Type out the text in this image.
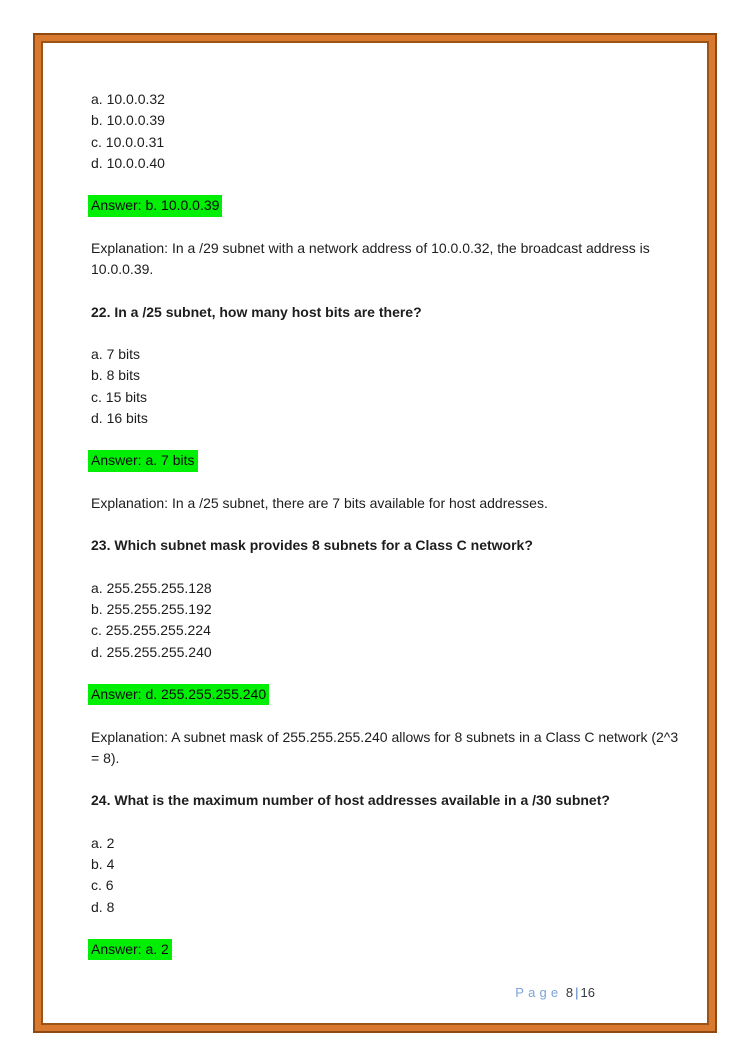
a. 10.0.0.32
b. 10.0.0.39
c. 10.0.0.31
d. 10.0.0.40
Answer: b. 10.0.0.39
Explanation: In a /29 subnet with a network address of 10.0.0.32, the broadcast address is 10.0.0.39.
22. In a /25 subnet, how many host bits are there?
a. 7 bits
b. 8 bits
c. 15 bits
d. 16 bits
Answer: a. 7 bits
Explanation: In a /25 subnet, there are 7 bits available for host addresses.
23. Which subnet mask provides 8 subnets for a Class C network?
a. 255.255.255.128
b. 255.255.255.192
c. 255.255.255.224
d. 255.255.255.240
Answer: d. 255.255.255.240
Explanation: A subnet mask of 255.255.255.240 allows for 8 subnets in a Class C network (2^3 = 8).
24. What is the maximum number of host addresses available in a /30 subnet?
a. 2
b. 4
c. 6
d. 8
Answer: a. 2
Page 8 | 16
